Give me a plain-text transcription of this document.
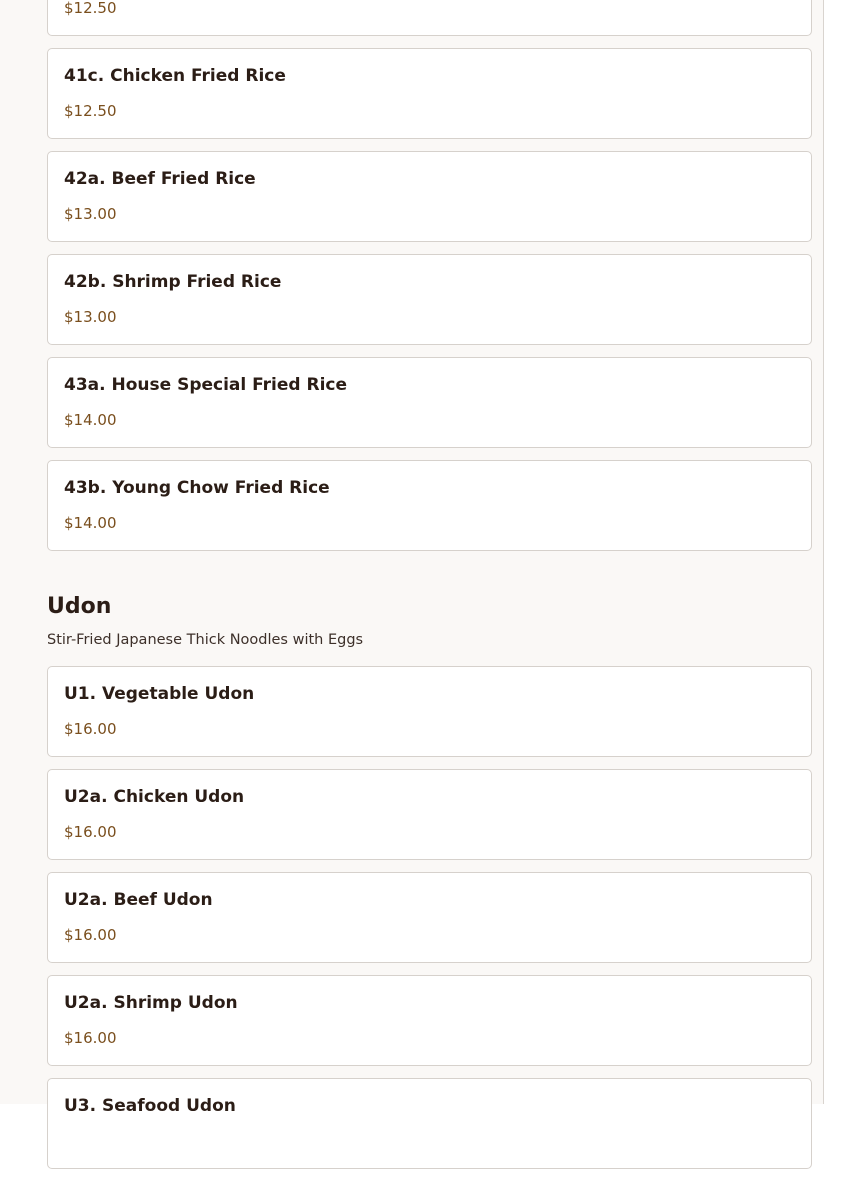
$12.50
41c. Chicken Fried Rice
$12.50
42a. Beef Fried Rice
$13.00
42b. Shrimp Fried Rice
$13.00
43a. House Special Fried Rice
$14.00
43b. Young Chow Fried Rice
$14.00
Udon
Stir-Fried Japanese Thick Noodles with Eggs
U1. Vegetable Udon
$16.00
U2a. Chicken Udon
$16.00
U2a. Beef Udon
$16.00
U2a. Shrimp Udon
$16.00
U3. Seafood Udon
